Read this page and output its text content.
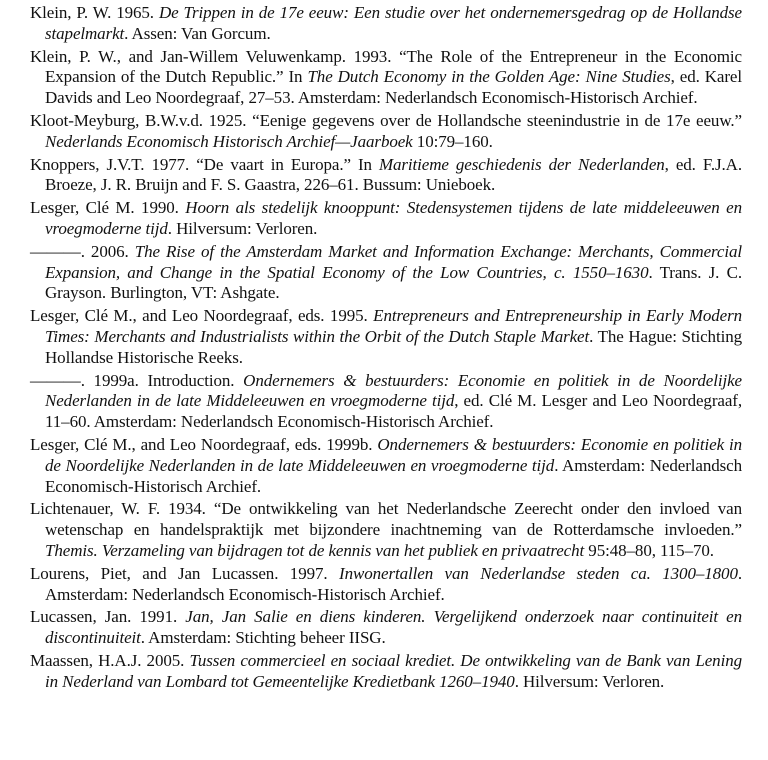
Klein, P. W. 1965. De Trippen in de 17e eeuw: Een studie over het ondernemersgedrag op de Hollandse stapelmarkt. Assen: Van Gorcum.
Klein, P. W., and Jan-Willem Veluwenkamp. 1993. “The Role of the Entrepreneur in the Economic Expansion of the Dutch Republic.” In The Dutch Economy in the Golden Age: Nine Studies, ed. Karel Davids and Leo Noordegraaf, 27–53. Amsterdam: Nederlandsch Economisch-Historisch Archief.
Kloot-Meyburg, B.W.v.d. 1925. “Eenige gegevens over de Hollandsche steenindustrie in de 17e eeuw.” Nederlands Economisch Historisch Archief—Jaarboek 10:79–160.
Knoppers, J.V.T. 1977. “De vaart in Europa.” In Maritieme geschiedenis der Nederlanden, ed. F.J.A. Broeze, J. R. Bruijn and F. S. Gaastra, 226–61. Bussum: Unieboek.
Lesger, Clé M. 1990. Hoorn als stedelijk knooppunt: Stedensystemen tijdens de late middeleeuwen en vroegmoderne tijd. Hilversum: Verloren.
———. 2006. The Rise of the Amsterdam Market and Information Exchange: Merchants, Commercial Expansion, and Change in the Spatial Economy of the Low Countries, c. 1550–1630. Trans. J. C. Grayson. Burlington, VT: Ashgate.
Lesger, Clé M., and Leo Noordegraaf, eds. 1995. Entrepreneurs and Entrepreneurship in Early Modern Times: Merchants and Industrialists within the Orbit of the Dutch Staple Market. The Hague: Stichting Hollandse Historische Reeks.
———. 1999a. Introduction. Ondernemers & bestuurders: Economie en politiek in de Noordelijke Nederlanden in de late Middeleeuwen en vroegmoderne tijd, ed. Clé M. Lesger and Leo Noordegraaf, 11–60. Amsterdam: Nederlandsch Economisch-Historisch Archief.
Lesger, Clé M., and Leo Noordegraaf, eds. 1999b. Ondernemers & bestuurders: Economie en politiek in de Noordelijke Nederlanden in de late Middeleeuwen en vroegmoderne tijd. Amsterdam: Nederlandsch Economisch-Historisch Archief.
Lichtenauer, W. F. 1934. “De ontwikkeling van het Nederlandsche Zeerecht onder den invloed van wetenschap en handelspraktijk met bijzondere inachtneming van de Rotterdamsche invloeden.” Themis. Verzameling van bijdragen tot de kennis van het publiek en privaatrecht 95:48–80, 115–70.
Lourens, Piet, and Jan Lucassen. 1997. Inwonertallen van Nederlandse steden ca. 1300–1800. Amsterdam: Nederlandsch Economisch-Historisch Archief.
Lucassen, Jan. 1991. Jan, Jan Salie en diens kinderen. Vergelijkend onderzoek naar continuiteit en discontinuiteit. Amsterdam: Stichting beheer IISG.
Maassen, H.A.J. 2005. Tussen commercieel en sociaal krediet. De ontwikkeling van de Bank van Lening in Nederland van Lombard tot Gemeentelijke Kredietbank 1260–1940. Hilversum: Verloren.
